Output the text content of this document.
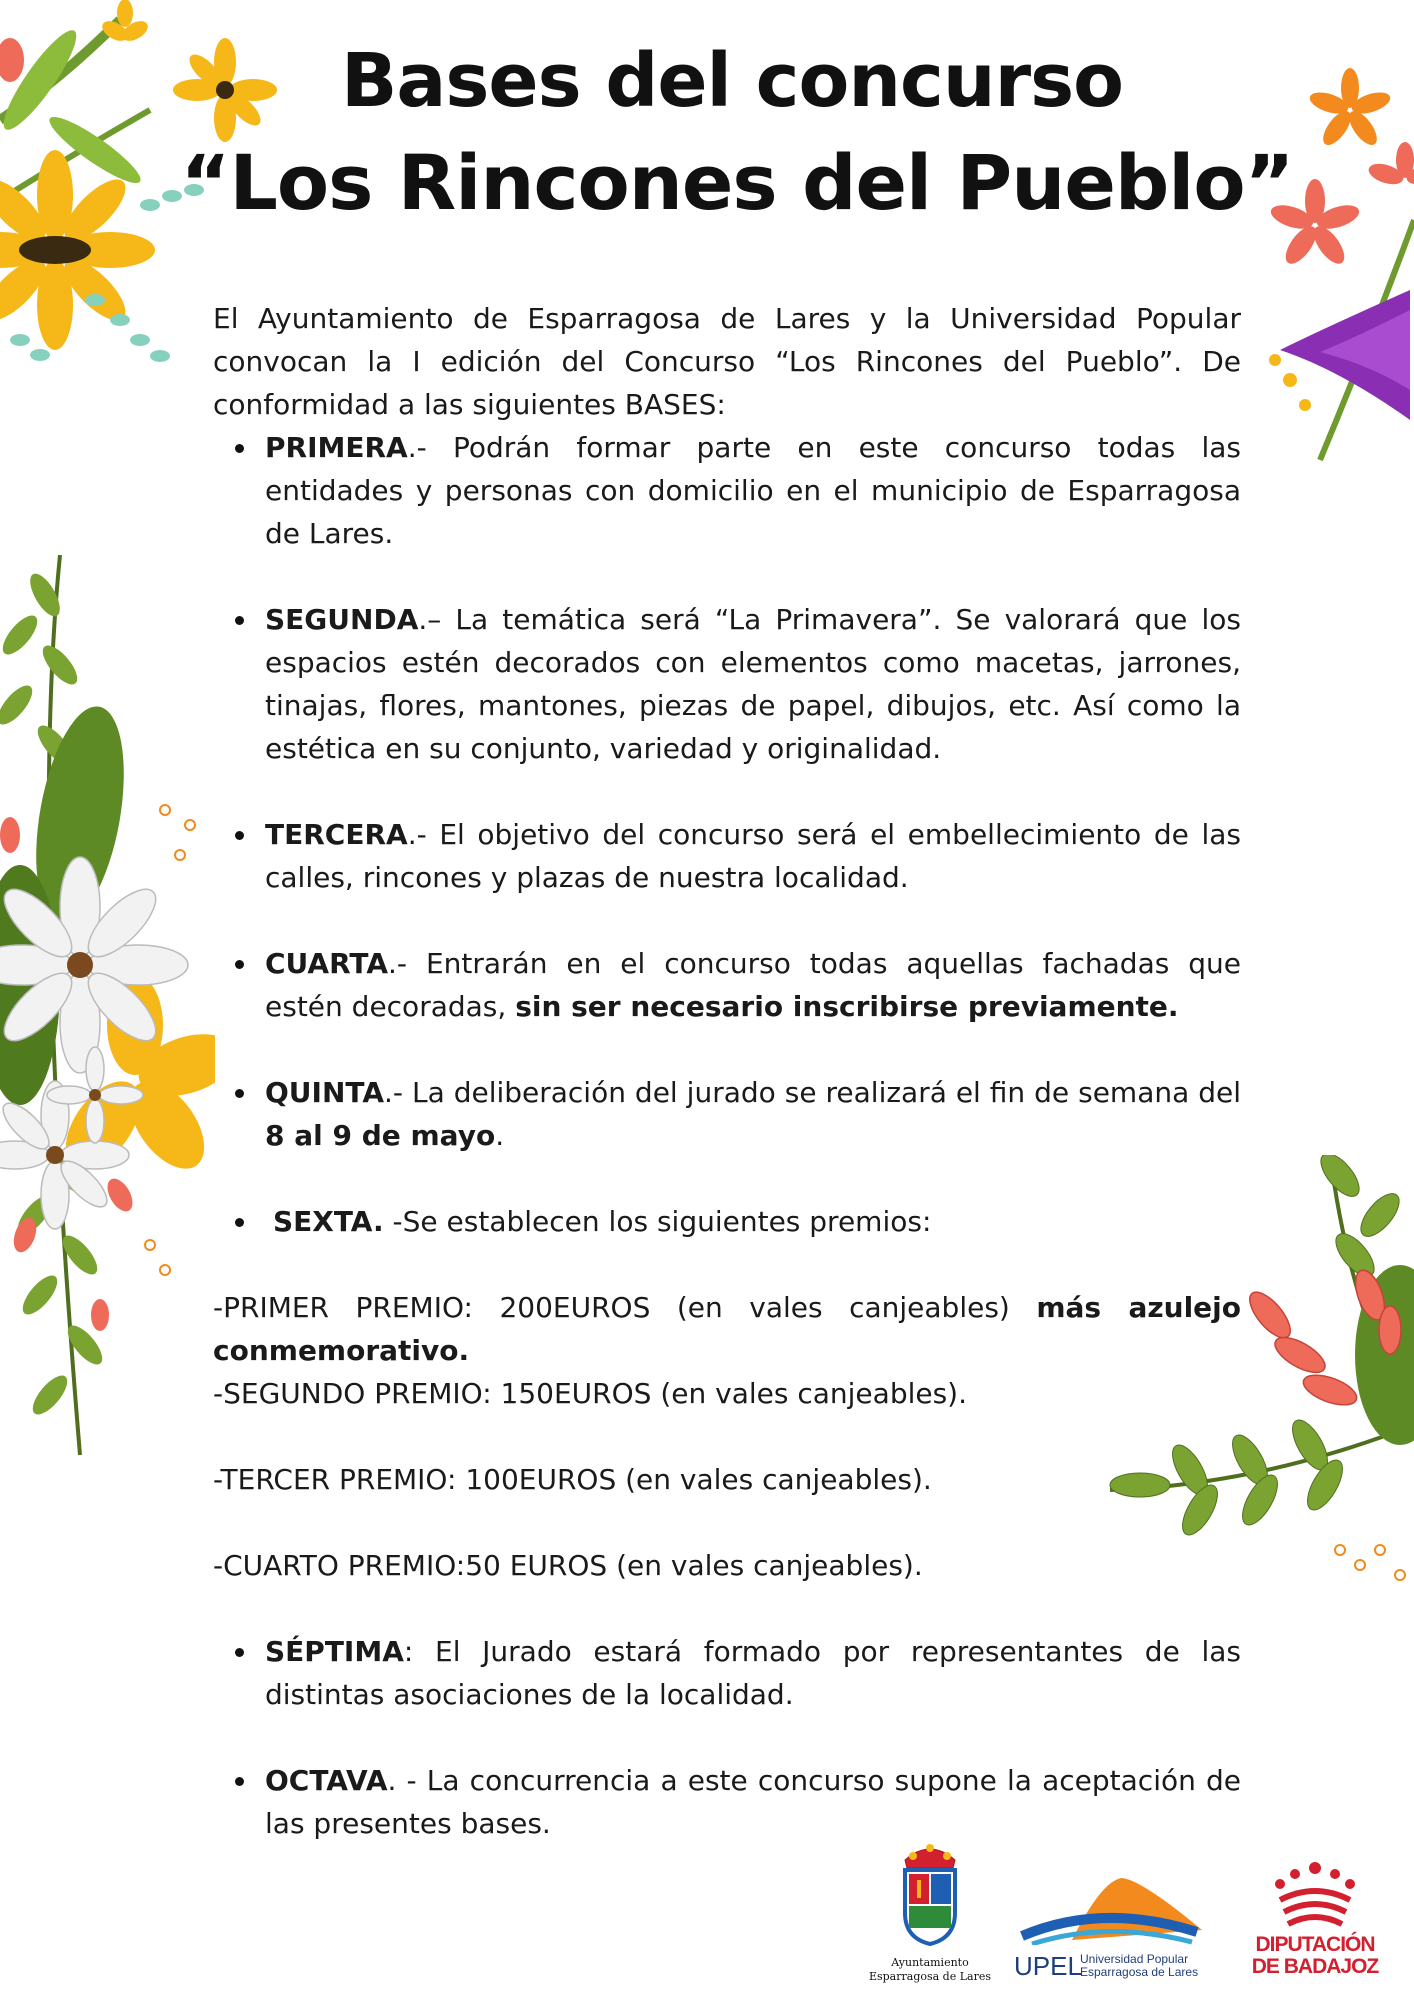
Bases del concurso
“Los Rincones del Pueblo”

El Ayuntamiento de Esparragosa de Lares y la Universidad Popular convocan la I edición del Concurso “Los Rincones del Pueblo”. De conformidad a las siguientes BASES:

PRIMERA.- Podrán formar parte en este concurso todas las entidades y personas con domicilio en el municipio de Esparragosa de Lares.
SEGUNDA.– La temática será “La Primavera”. Se valorará que los espacios estén decorados con elementos como macetas, jarrones, tinajas, flores, mantones, piezas de papel, dibujos, etc. Así como la estética en su conjunto, variedad y originalidad.
TERCERA.- El objetivo del concurso será el embellecimiento de las calles, rincones y plazas de nuestra localidad.
CUARTA.- Entrarán en el concurso todas aquellas fachadas que estén decoradas, sin ser necesario inscribirse previamente.
QUINTA.- La deliberación del jurado se realizará el fin de semana del 8 al 9 de mayo.
SEXTA. -Se establecen los siguientes premios:

-PRIMER PREMIO: 200EUROS (en vales canjeables) más azulejo conmemorativo.

-SEGUNDO PREMIO: 150EUROS (en vales canjeables).

-TERCER PREMIO: 100EUROS (en vales canjeables).

-CUARTO PREMIO:50 EUROS (en vales canjeables).

SÉPTIMA: El Jurado estará formado por representantes de las distintas asociaciones de la localidad.
OCTAVA. - La concurrencia a este concurso supone la aceptación de las presentes bases.
Ayuntamiento
Esparragosa de Lares UPEL
Universidad Popular
Esparragosa de Lares
DIPUTACIÓN
DE BADAJOZ
